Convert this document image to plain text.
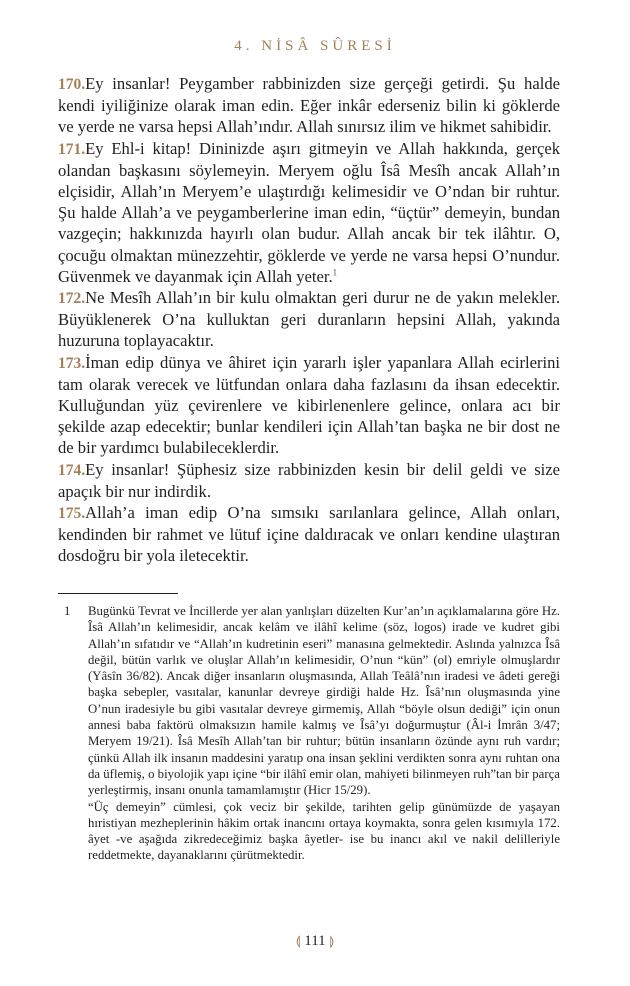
4. NİSÂ SÛRESİ

170.Ey insanlar! Peygamber rabbinizden size gerçeği getirdi. Şu halde kendi iyiliğinize olarak iman edin. Eğer inkâr ederseniz bilin ki göklerde ve yerde ne varsa hepsi Allah’ındır. Allah sınırsız ilim ve hikmet sahibidir.

171.Ey Ehl-i kitap! Dininizde aşırı gitmeyin ve Allah hakkında, gerçek olandan başkasını söylemeyin. Meryem oğlu Îsâ Mesîh ancak Allah’ın elçisidir, Allah’ın Meryem’e ulaştırdığı kelimesidir ve O’ndan bir ruhtur. Şu halde Allah’a ve peygamberlerine iman edin, “üçtür” demeyin, bundan vazgeçin; hakkınızda hayırlı olan budur. Allah ancak bir tek ilâhtır. O, çocuğu olmaktan münezzehtir, göklerde ve yerde ne varsa hepsi O’nundur. Güvenmek ve dayanmak için Allah yeter.$^1$

172.Ne Mesîh Allah’ın bir kulu olmaktan geri durur ne de yakın melekler. Büyüklenerek O’na kulluktan geri duranların hepsini Allah, yakında huzuruna toplayacaktır.

173.İman edip dünya ve âhiret için yararlı işler yapanlara Allah ecirlerini tam olarak verecek ve lütfundan onlara daha fazlasını da ihsan edecektir. Kulluğundan yüz çevirenlere ve kibirlenenlere gelince, onlara acı bir şekilde azap edecektir; bunlar kendileri için Allah’tan başka ne bir dost ne de bir yardımcı bulabileceklerdir.

174.Ey insanlar! Şüphesiz size rabbinizden kesin bir delil geldi ve size apaçık bir nur indirdik.

175.Allah’a iman edip O’na sımsıkı sarılanlara gelince, Allah onları, kendinden bir rahmet ve lütuf içine daldıracak ve onları kendine ulaştıran dosdoğru bir yola iletecektir.

1	Bugünkü Tevrat ve İncillerde yer alan yanlışları düzelten Kur’an’ın açıklamalarına göre Hz. Îsâ Allah’ın kelimesidir, ancak kelâm ve ilâhî kelime (söz, logos) irade ve kudret gibi Allah’ın sıfatıdır ve “Allah’ın kudretinin eseri” manasına gelmektedir. Aslında yalnızca Îsâ değil, bütün varlık ve oluşlar Allah’ın kelimesidir, O’nun “kün” (ol) emriyle olmuşlardır (Yâsîn 36/82). Ancak diğer insanların oluşmasında, Allah Teâlâ’nın iradesi ve âdeti gereği başka sebepler, vasıtalar, kanunlar devreye girdiği halde Hz. Îsâ’nın oluşmasında yine O’nun iradesiyle bu gibi vasıtalar devreye girmemiş, Allah “böyle olsun dediği” için onun annesi baba faktörü olmaksızın hamile kalmış ve Îsâ’yı doğurmuştur (Âl-i İmrân 3/47; Meryem 19/21). Îsâ Mesîh Allah’tan bir ruhtur; bütün insanların özünde aynı ruh vardır; çünkü Allah ilk insanın maddesini yaratıp ona insan şeklini verdikten sonra aynı ruhtan ona da üflemiş, o biyolojik yapı içine “bir ilâhî emir olan, mahiyeti bilinmeyen ruh”tan bir parça yerleştirmiş, insanı onunla tamamlamıştır (Hicr 15/29).

“Üç demeyin” cümlesi, çok veciz bir şekilde, tarihten gelip günümüzde de yaşayan hıristiyan mezheplerinin hâkim ortak inancını ortaya koymakta, sonra gelen kısımıyla 172. âyet -ve aşağıda zikredeceğimiz başka âyetler- ise bu inancı akıl ve nakil delilleriyle reddetmekte, dayanaklarını çürütmektedir.

⟬ 111 ⟭
